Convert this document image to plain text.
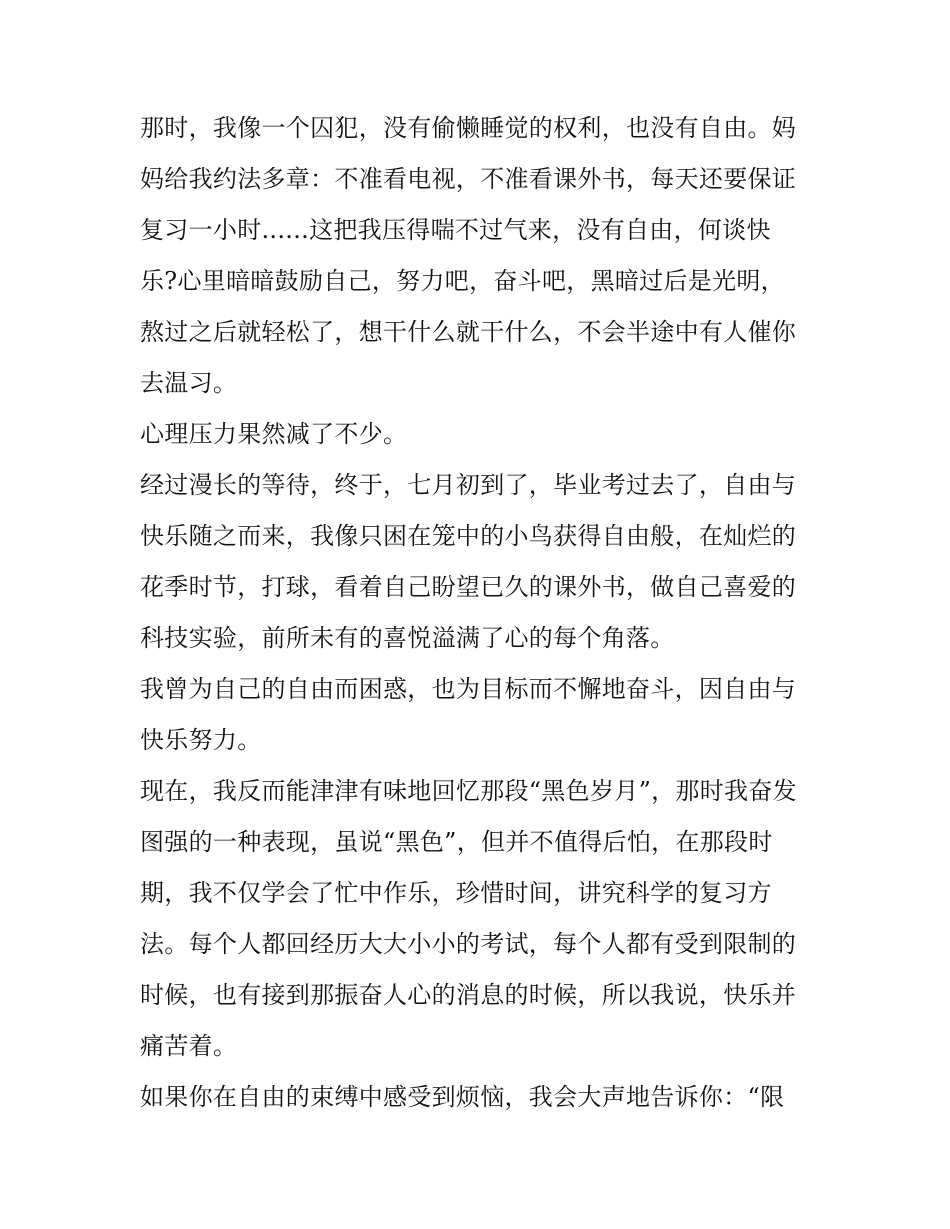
那时，我像一个囚犯，没有偷懒睡觉的权利，也没有自由。妈
妈给我约法多章：不准看电视，不准看课外书，每天还要保证
复习一小时......这把我压得喘不过气来，没有自由，何谈快
乐?心里暗暗鼓励自己，努力吧，奋斗吧，黑暗过后是光明，
熬过之后就轻松了，想干什么就干什么，不会半途中有人催你
去温习。
心理压力果然减了不少。
经过漫长的等待，终于，七月初到了，毕业考过去了，自由与
快乐随之而来，我像只困在笼中的小鸟获得自由般，在灿烂的
花季时节，打球，看着自己盼望已久的课外书，做自己喜爱的
科技实验，前所未有的喜悦溢满了心的每个角落。
我曾为自己的自由而困惑，也为目标而不懈地奋斗，因自由与
快乐努力。
现在，我反而能津津有味地回忆那段“黑色岁月”，那时我奋发
图强的一种表现，虽说“黑色”，但并不值得后怕，在那段时
期，我不仅学会了忙中作乐，珍惜时间，讲究科学的复习方
法。每个人都回经历大大小小的考试，每个人都有受到限制的
时候，也有接到那振奋人心的消息的时候，所以我说，快乐并
痛苦着。
如果你在自由的束缚中感受到烦恼，我会大声地告诉你：“限
